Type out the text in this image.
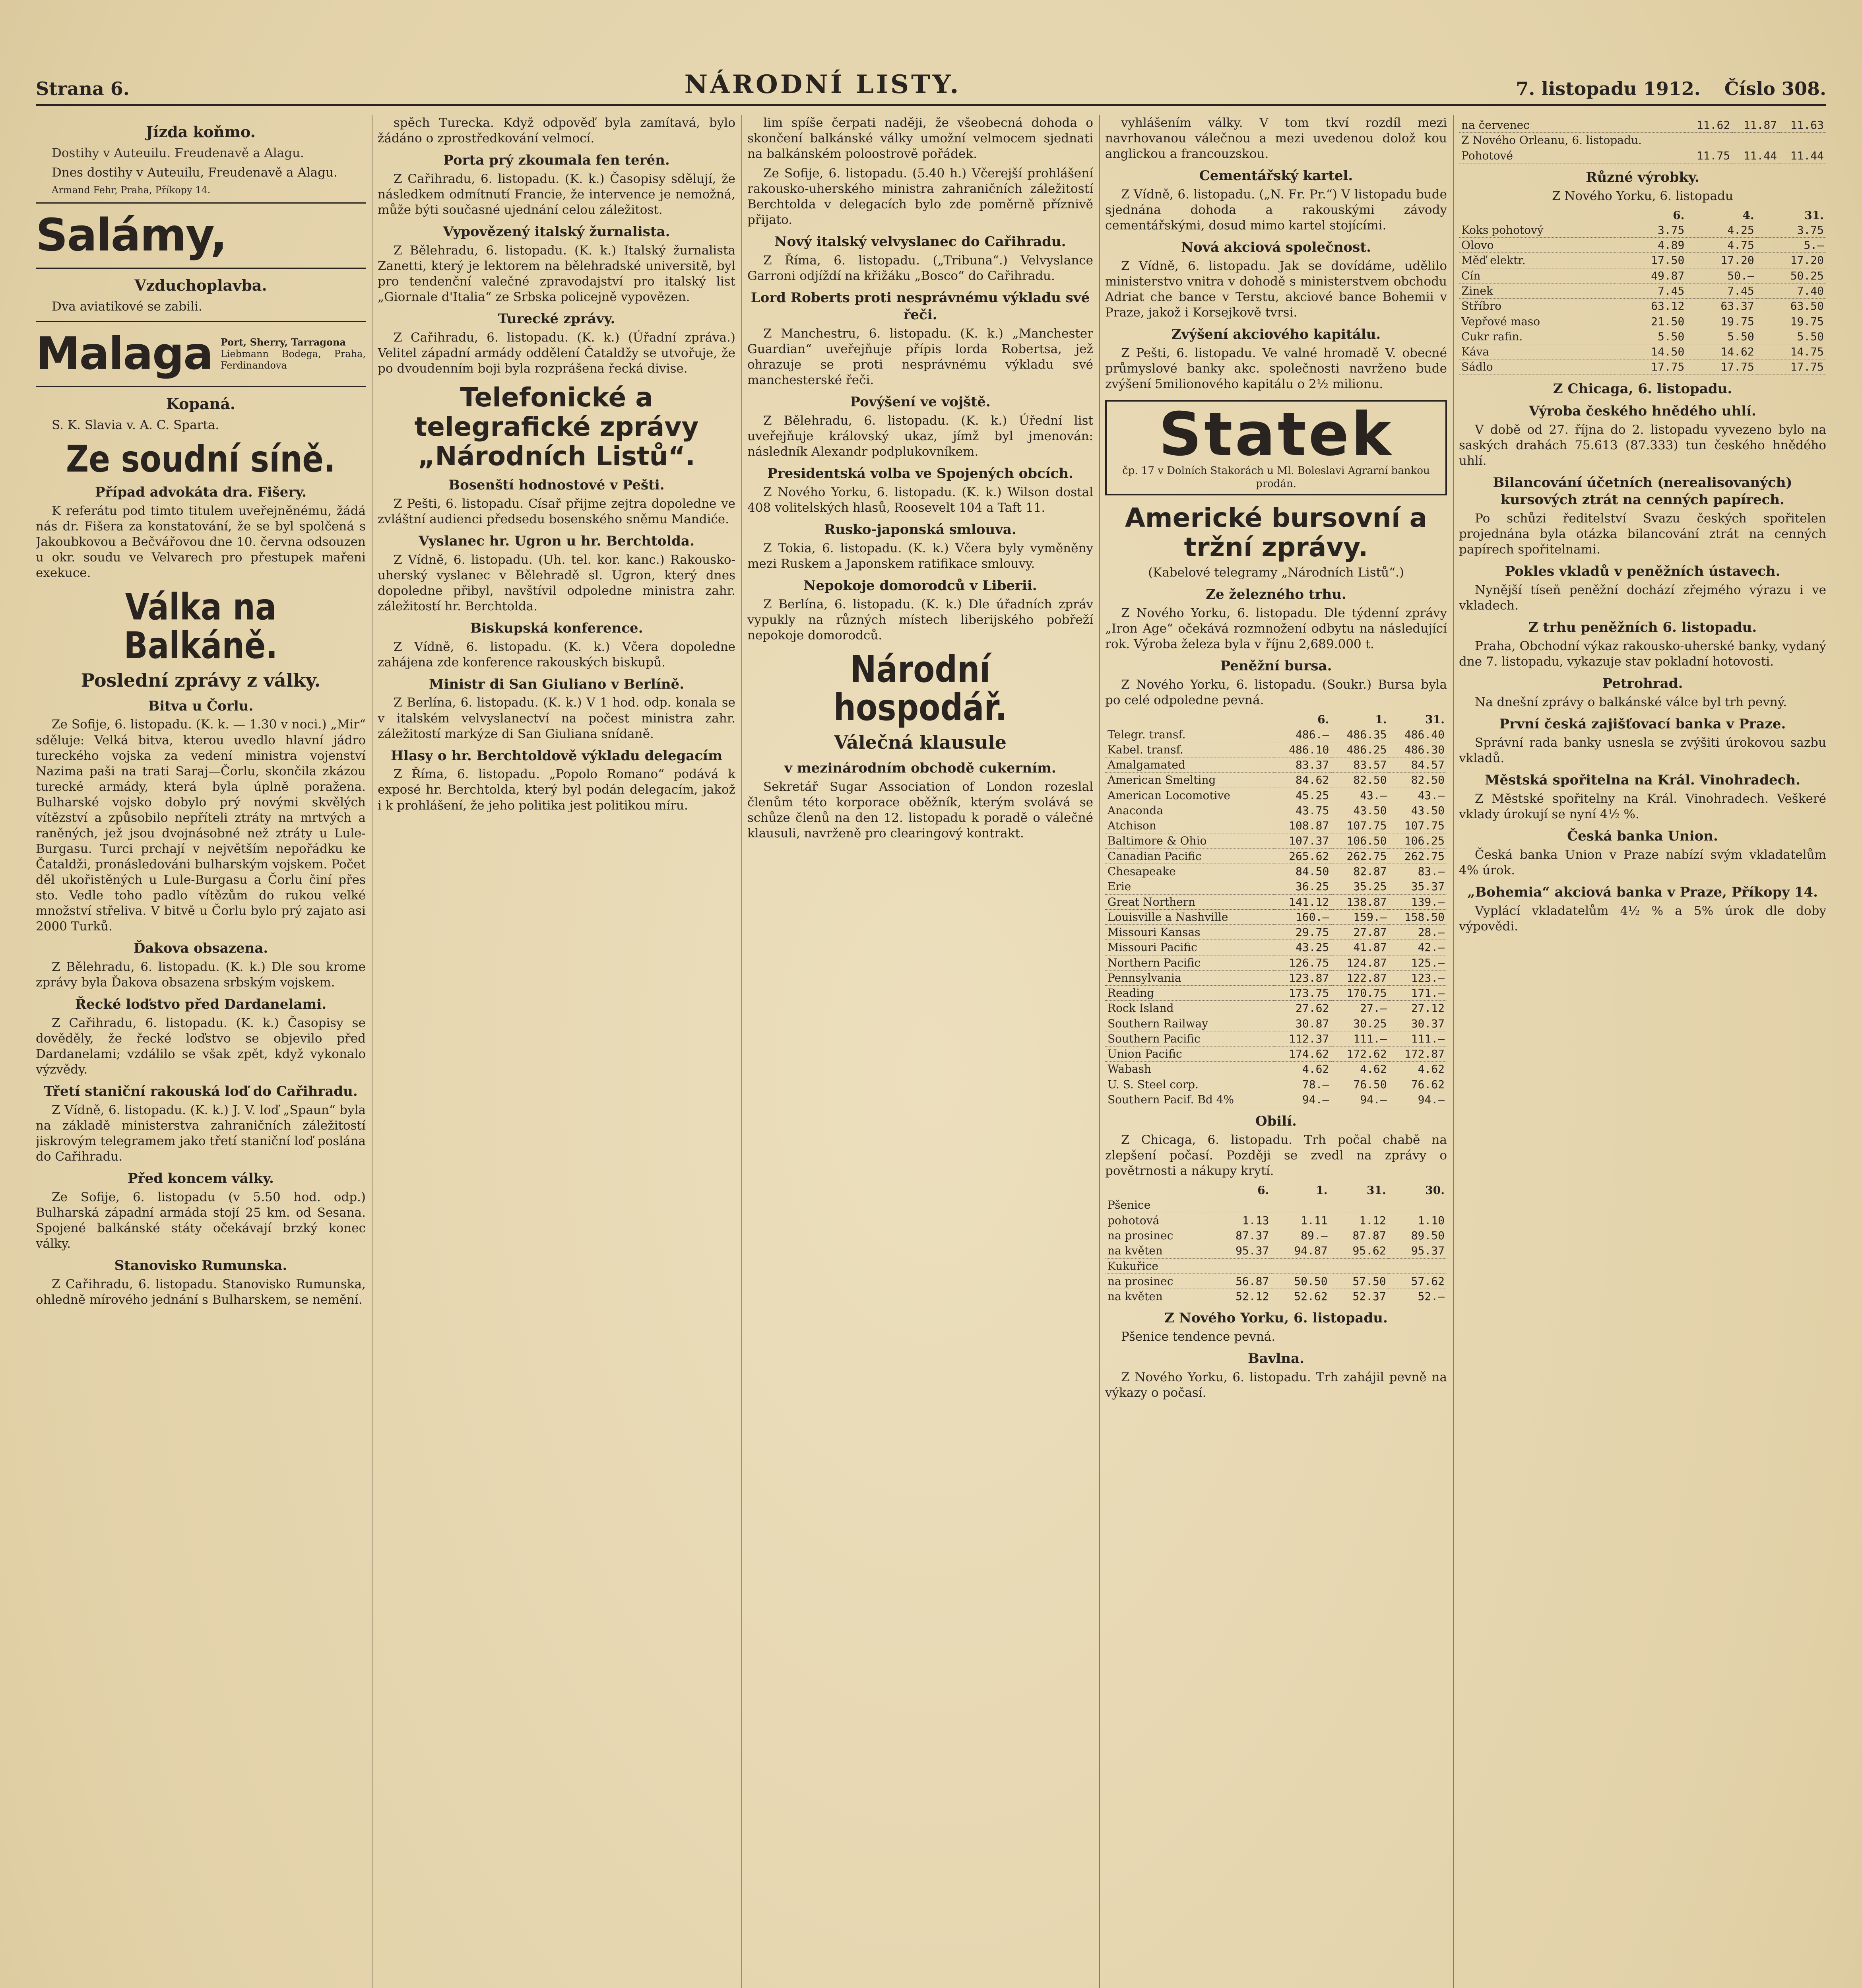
Strana 6.	NÁRODNÍ LISTY.	7. listopadu 1912. Číslo 308.
Jízda koňmo.

Dostihy v Auteuilu. Freudenavě a Alagu.

Dnes dostihy v Auteuilu, Freudenavě a Alagu.

Armand Fehr, Praha, Příkopy 14.

Salámy,
Vzduchoplavba.

Dva aviatikové se zabili.

Malaga Port, Sherry, Tarragona
Liebmann Bodega, Praha, Ferdinandova
Kopaná.

S. K. Slavia v. A. C. Sparta.

Ze soudní síně.
Případ advokáta dra. Fišery.

K referátu pod timto titulem uveřejněnému, žádá nás dr. Fišera za konstatování, že se byl spolčená s Jakoubkovou a Bečvářovou dne 10. června odsouzen u okr. soudu ve Velvarech pro přestupek mařeni exekuce.

Válka na Balkáně.
Poslední zprávy z války.
Bitva u Čorlu.

Ze Sofije, 6. listopadu. (K. k. — 1.30 v noci.) „Mir“ sděluje: Velká bitva, kterou uvedlo hlavní jádro tureckého vojska za vedení ministra vojenství Nazima paši na trati Saraj—Čorlu, skončila zkázou turecké armády, která byla úplně poražena. Bulharské vojsko dobylo prý novými skvělých vítězství a způsobilo nepříteli ztráty na mrtvých a raněných, jež jsou dvojnásobné než ztráty u Lule-Burgasu. Turci prchají v největším nepořádku ke Čataldži, pronásledováni bulharským vojskem. Počet děl ukořistěných u Lule-Burgasu a Čorlu činí přes sto. Vedle toho padlo vítězům do rukou velké množství střeliva. V bitvě u Čorlu bylo prý zajato asi 2000 Turků.

Ďakova obsazena.

Z Bělehradu, 6. listopadu. (K. k.) Dle sou krome zprávy byla Ďakova obsazena srbským vojskem.

Řecké loďstvo před Dardanelami.

Z Cařihradu, 6. listopadu. (K. k.) Časopisy se dověděly, že řecké loďstvo se objevilo před Dardanelami; vzdálilo se však zpět, když vykonalo výzvědy.

Třetí staniční rakouská loď do Cařihradu.

Z Vídně, 6. listopadu. (K. k.) J. V. loď „Spaun“ byla na základě ministerstva zahraničních záležitostí jiskrovým telegramem jako třetí staniční loď poslána do Cařihradu.

Před koncem války.

Ze Sofije, 6. listopadu (v 5.50 hod. odp.) Bulharská západní armáda stojí 25 km. od Sesana. Spojené balkánské státy očekávají brzký konec války.

Stanovisko Rumunska.

Z Cařihradu, 6. listopadu. Stanovisko Rumunska, ohledně mírového jednání s Bulharskem, se nemění.

spěch Turecka. Když odpověď byla zamítavá, bylo žádáno o zprostředkování velmocí.

Porta prý zkoumala fen terén.

Z Cařihradu, 6. listopadu. (K. k.) Časopisy sdělují, že následkem odmítnutí Francie, že intervence je nemožná, může býti současné ujednání celou záležitost.

Vypovězený italský žurnalista.

Z Bělehradu, 6. listopadu. (K. k.) Italský žurnalista Zanetti, který je lektorem na bělehradské universitě, byl pro tendenční valečné zpravodajství pro italský list „Giornale d'Italia“ ze Srbska policejně vypovězen.

Turecké zprávy.

Z Cařihradu, 6. listopadu. (K. k.) (Úřadní zpráva.) Velitel západní armády oddělení Čataldžy se utvořuje, že po dvoudenním boji byla rozprášena řecká divise.

Telefonické a telegrafické zprávy „Národních Listů“.
Bosenští hodnostové v Pešti.

Z Pešti, 6. listopadu. Císař přijme zejtra dopoledne ve zvláštní audienci předsedu bosenského sněmu Mandiće.

Vyslanec hr. Ugron u hr. Berchtolda.

Z Vídně, 6. listopadu. (Uh. tel. kor. kanc.) Rakousko-uherský vyslanec v Bělehradě sl. Ugron, který dnes dopoledne přibyl, navštívil odpoledne ministra zahr. záležitostí hr. Berchtolda.

Biskupská konference.

Z Vídně, 6. listopadu. (K. k.) Včera dopoledne zahájena zde konference rakouských biskupů.

Ministr di San Giuliano v Berlíně.

Z Berlína, 6. listopadu. (K. k.) V 1 hod. odp. konala se v italském velvyslanectví na počest ministra zahr. záležitostí markýze di San Giuliana snídaně.

Hlasy o hr. Berchtoldově výkladu delegacím

Z Říma, 6. listopadu. „Popolo Romano“ podává k exposé hr. Berchtolda, který byl podán delegacím, jakož i k prohlášení, že jeho politika jest politikou míru.

lim spíše čerpati naději, že všeobecná dohoda o skončení balkánské války umožní velmocem sjednati na balkánském poloostrově pořádek.

Ze Sofije, 6. listopadu. (5.40 h.) Včerejší prohlášení rakousko-uherského ministra zahraničních záležitostí Berchtolda v delegacích bylo zde poměrně příznivě přijato.

Nový italský velvyslanec do Cařihradu.

Z Říma, 6. listopadu. („Tribuna“.) Velvyslance Garroni odjíždí na křižáku „Bosco“ do Cařihradu.

Lord Roberts proti nesprávnému výkladu své řeči.

Z Manchestru, 6. listopadu. (K. k.) „Manchester Guardian“ uveřejňuje přípis lorda Robertsa, jež ohrazuje se proti nesprávnému výkladu své manchesterské řeči.

Povýšení ve vojště.

Z Bělehradu, 6. listopadu. (K. k.) Úřední list uveřejňuje královský ukaz, jímž byl jmenován: následník Alexandr podplukovníkem.

Presidentská volba ve Spojených obcích.

Z Nového Yorku, 6. listopadu. (K. k.) Wilson dostal 408 volitelských hlasů, Roosevelt 104 a Taft 11.

Rusko-japonská smlouva.

Z Tokia, 6. listopadu. (K. k.) Včera byly vyměněny mezi Ruskem a Japonskem ratifikace smlouvy.

Nepokoje domorodců v Liberii.

Z Berlína, 6. listopadu. (K. k.) Dle úřadních zpráv vypukly na různých místech liberijského pobřeží nepokoje domorodců.

Národní hospodář.
Válečná klausule
v mezinárodním obchodě cukerním.

Sekretář Sugar Association of London rozeslal členům této korporace oběžník, kterým svolává se schůze členů na den 12. listopadu k poradě o válečné klausuli, navrženě pro clearingový kontrakt.

vyhlášením války. V tom tkví rozdíl mezi navrhovanou válečnou a mezi uvedenou dolož kou anglickou a francouzskou.

Cementářský kartel.

Z Vídně, 6. listopadu. („N. Fr. Pr.“) V listopadu bude sjednána dohoda a rakouskými závody cementářskými, dosud mimo kartel stojícími.

Nová akciová společnost.

Z Vídně, 6. listopadu. Jak se dovídáme, udělilo ministerstvo vnitra v dohodě s ministerstvem obchodu Adriat che bance v Terstu, akciové bance Bohemii v Praze, jakož i Korsejkově tvrsi.

Zvýšení akciového kapitálu.

Z Pešti, 6. listopadu. Ve valné hromadě V. obecné průmyslové banky akc. společnosti navrženo bude zvýšení 5milionového kapitálu o 2½ milionu.

Statek
čp. 17 v Dolních Stakorách u Ml. Boleslavi Agrarní bankou prodán.
Americké bursovní a tržní zprávy.

(Kabelové telegramy „Národních Listů“.)

Ze železného trhu.

Z Nového Yorku, 6. listopadu. Dle týdenní zprávy „Iron Age“ očekává rozmnožení odbytu na následující rok. Výroba železa byla v říjnu 2,689.000 t.

Peněžní bursa.

Z Nového Yorku, 6. listopadu. (Soukr.) Bursa byla po celé odpoledne pevná.

	6.	1.	31.
Telegr. transf.	486.—	486.35	486.40
Kabel. transf.	486.10	486.25	486.30
Amalgamated	83.37	83.57	84.57
American Smelting	84.62	82.50	82.50
American Locomotive	45.25	43.—	43.—
Anaconda	43.75	43.50	43.50
Atchison	108.87	107.75	107.75
Baltimore & Ohio	107.37	106.50	106.25
Canadian Pacific	265.62	262.75	262.75
Chesapeake	84.50	82.87	83.—
Erie	36.25	35.25	35.37
Great Northern	141.12	138.87	139.—
Louisville a Nashville	160.—	159.—	158.50
Missouri Kansas	29.75	27.87	28.—
Missouri Pacific	43.25	41.87	42.—
Northern Pacific	126.75	124.87	125.—
Pennsylvania	123.87	122.87	123.—
Reading	173.75	170.75	171.—
Rock Island	27.62	27.—	27.12
Southern Railway	30.87	30.25	30.37
Southern Pacific	112.37	111.—	111.—
Union Pacific	174.62	172.62	172.87
Wabash	4.62	4.62	4.62
U. S. Steel corp.	78.—	76.50	76.62
Southern Pacif. Bd 4%	94.—	94.—	94.—
Obilí.

Z Chicaga, 6. listopadu. Trh počal chabě na zlepšení počasí. Později se zvedl na zprávy o povětrnosti a nákupy krytí.

	6.	1.	31.	30.
Pšenice				
pohotová	1.13	1.11	1.12	1.10
na prosinec	87.37	89.—	87.87	89.50
na květen	95.37	94.87	95.62	95.37
Kukuřice				
na prosinec	56.87	50.50	57.50	57.62
na květen	52.12	52.62	52.37	52.—
Z Nového Yorku, 6. listopadu.

Pšenice tendence pevná.

Bavlna.

Z Nového Yorku, 6. listopadu. Trh zahájil pevně na výkazy o počasí.

na červenec	11.62	11.87	11.63
Z Nového Orleanu, 6. listopadu.			
Pohotové	11.75	11.44	11.44
Různé výrobky.

Z Nového Yorku, 6. listopadu

	6.	4.	31.
Koks pohotový	3.75	4.25	3.75
Olovo	4.89	4.75	5.—
Měď elektr.	17.50	17.20	17.20
Cín	49.87	50.—	50.25
Zinek	7.45	7.45	7.40
Stříbro	63.12	63.37	63.50
Vepřové maso	21.50	19.75	19.75
Cukr rafin.	5.50	5.50	5.50
Káva	14.50	14.62	14.75
Sádlo	17.75	17.75	17.75
Z Chicaga, 6. listopadu.
Výroba českého hnědého uhlí.

V době od 27. října do 2. listopadu vyvezeno bylo na saských drahách 75.613 (87.333) tun českého hnědého uhlí.

Bilancování účetních (nerealisovaných) kursových ztrát na cenných papírech.

Po schůzi ředitelství Svazu českých spořitelen projednána byla otázka bilancování ztrát na cenných papírech spořitelnami.

Pokles vkladů v peněžních ústavech.

Nynější tíseň peněžní dochází zřejmého výrazu i ve vkladech.

Z trhu peněžních 6. listopadu.

Praha, Obchodní výkaz rakousko-uherské banky, vydaný dne 7. listopadu, vykazuje stav pokladní hotovosti.

Petrohrad.

Na dnešní zprávy o balkánské válce byl trh pevný.

První česká zajišťovací banka v Praze.

Správní rada banky usnesla se zvýšiti úrokovou sazbu vkladů.

Městská spořitelna na Král. Vinohradech.

Z Městské spořitelny na Král. Vinohradech. Veškeré vklady úrokují se nyní 4½ %.

Česká banka Union.

Česká banka Union v Praze nabízí svým vkladatelům 4% úrok.

„Bohemia“ akciová banka v Praze, Příkopy 14.

Vyplácí vkladatelům 4½ % a 5% úrok dle doby výpovědi.
